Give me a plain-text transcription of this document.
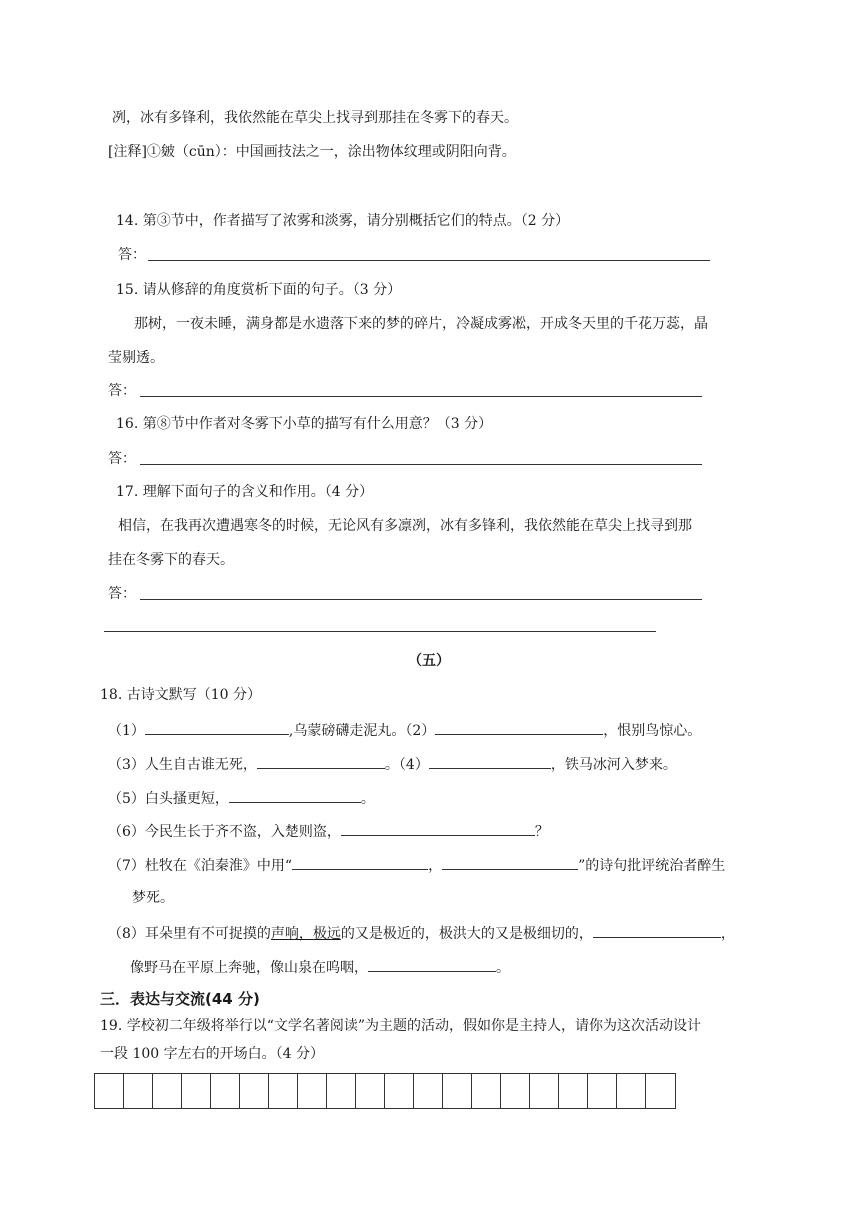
冽，冰有多锋利，我依然能在草尖上找寻到那挂在冬雾下的春天。
[注释]①皴（cūn）：中国画技法之一，涂出物体纹理或阴阳向背。
14. 第③节中，作者描写了浓雾和淡雾，请分别概括它们的特点。（2 分）
答：
15. 请从修辞的角度赏析下面的句子。（3 分）
那树，一夜未睡，满身都是水遗落下来的梦的碎片，冷凝成雾凇，开成冬天里的千花万蕊，晶
莹剔透。
答：
16. 第⑧节中作者对冬雾下小草的描写有什么用意？（3 分）
答：
17. 理解下面句子的含义和作用。（4 分）
相信，在我再次遭遇寒冬的时候，无论风有多凛冽，冰有多锋利，我依然能在草尖上找寻到那
挂在冬雾下的春天。
答：
（五）
18. 古诗文默写（10 分）
（1）	,乌蒙磅礴走泥丸。（2）	，恨别鸟惊心。
（3）人生自古谁无死，	。（4）	，铁马冰河入梦来。
（5）白头搔更短，	。
（6）今民生长于齐不盗，入楚则盗，	？
（7）杜牧在《泊秦淮》中用“	，	”的诗句批评统治者醉生
梦死。
（8）耳朵里有不可捉摸的声响，极远的又是极近的，极洪大的又是极细切的，	，
像野马在平原上奔驰，像山泉在呜咽，	。
三．表达与交流(44 分)
19. 学校初二年级将举行以“文学名著阅读”为主题的活动，假如你是主持人，请你为这次活动设计
一段 100 字左右的开场白。（4 分）
